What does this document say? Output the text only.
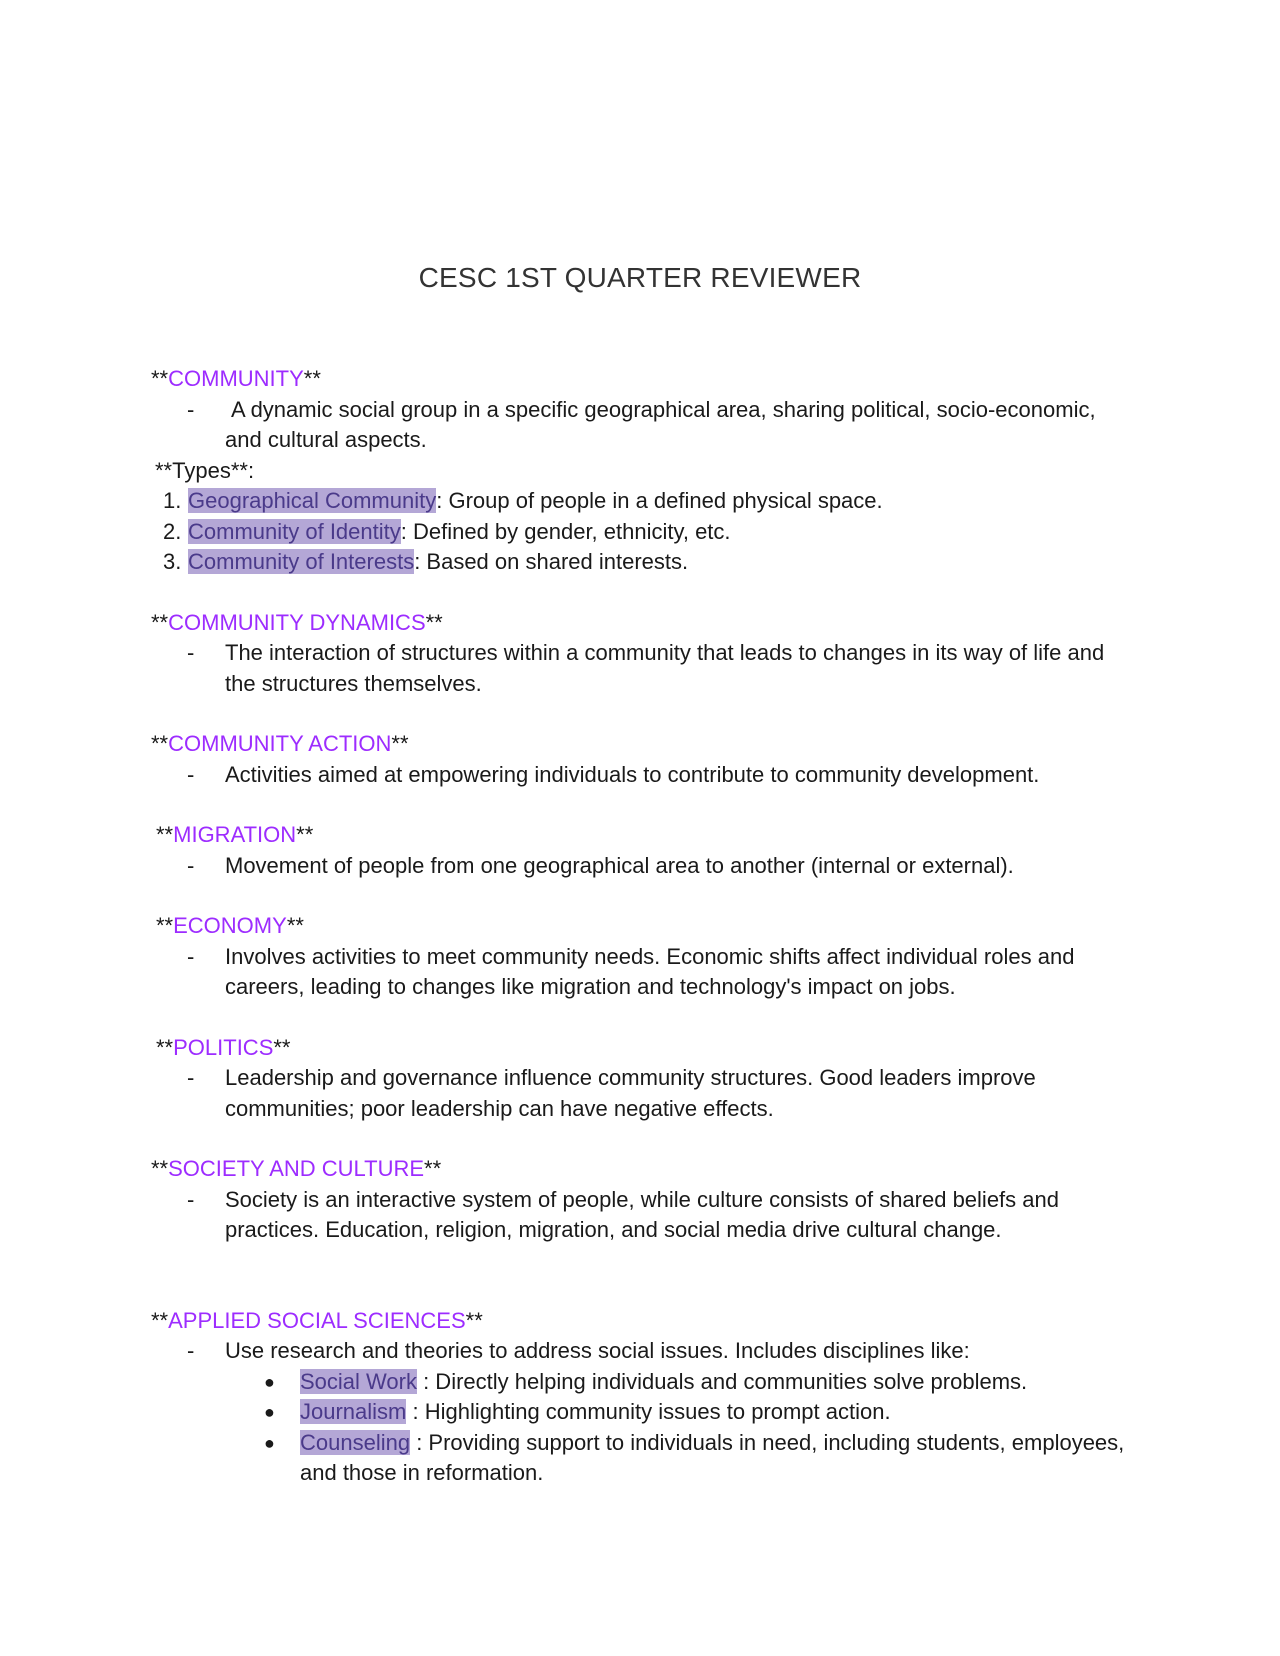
CESC 1ST QUARTER REVIEWER

**COMMUNITY**

- A dynamic social group in a specific geographical area, sharing political, socio-economic, and cultural aspects.

**Types**:

1. Geographical Community: Group of people in a defined physical space.

2. Community of Identity: Defined by gender, ethnicity, etc.

3. Community of Interests: Based on shared interests.

**COMMUNITY DYNAMICS**

- The interaction of structures within a community that leads to changes in its way of life and the structures themselves.

**COMMUNITY ACTION**

- Activities aimed at empowering individuals to contribute to community development.

**MIGRATION**

- Movement of people from one geographical area to another (internal or external).

**ECONOMY**

- Involves activities to meet community needs. Economic shifts affect individual roles and careers, leading to changes like migration and technology's impact on jobs.

**POLITICS**

- Leadership and governance influence community structures. Good leaders improve communities; poor leadership can have negative effects.

**SOCIETY AND CULTURE**

- Society is an interactive system of people, while culture consists of shared beliefs and practices. Education, religion, migration, and social media drive cultural change.

**APPLIED SOCIAL SCIENCES**

- Use research and theories to address social issues. Includes disciplines like:

● Social Work : Directly helping individuals and communities solve problems.

● Journalism : Highlighting community issues to prompt action.

● Counseling : Providing support to individuals in need, including students, employees, and those in reformation.
